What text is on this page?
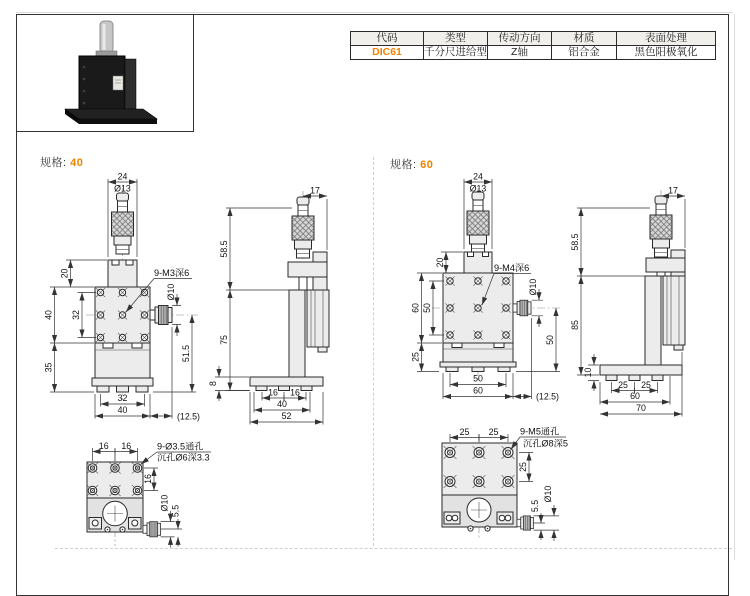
代码	类型	传动方向	材质	表面处理
DIC61	千分尺进给型	Z轴	铝合金	黑色阳极氧化
规格: 40	规格: 60
24
Ø13
20
40 32
35
Ø10
51.5
32
40
(12.5)
9-M3深6
17
58.5
75
8
16 16
40
52
16 16	9-Ø3.5通孔
沉孔Ø6深3.3
16
Ø10 5.5
24
Ø13
20
60 50
25
Ø10
50
50
60
(12.5)
9-M4深6
17
58.5
85
10
25 25
60
70
25 25 9-M5通孔
沉孔Ø8深5
25
5.5
Ø10
